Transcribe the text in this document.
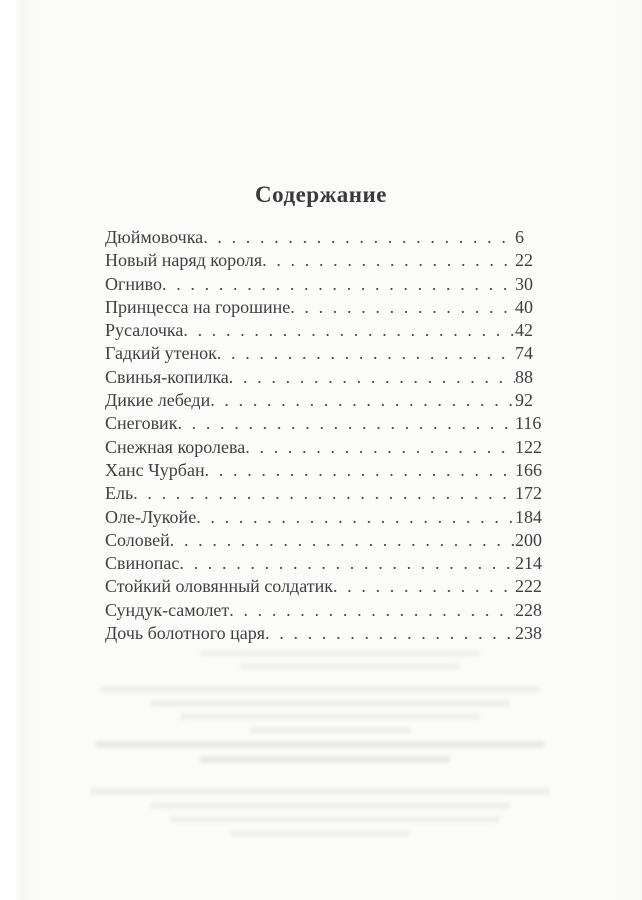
Содержание
Дюймовочка . . .	6
Новый наряд короля . . .	22
Огниво . . .	30
Принцесса на горошине . . .	40
Русалочка . . .	42
Гадкий утенок . . .	74
Свинья-копилка . . .	88
Дикие лебеди . . .	92
Снеговик . . .	116
Снежная королева . . .	122
Ханс Чурбан . . .	166
Ель . . .	172
Оле-Лукойе . . .	184
Соловей . . .	200
Свинопас . . .	214
Стойкий оловянный солдатик . . .	222
Сундук-самолет . . .	228
Дочь болотного царя . . .	238
